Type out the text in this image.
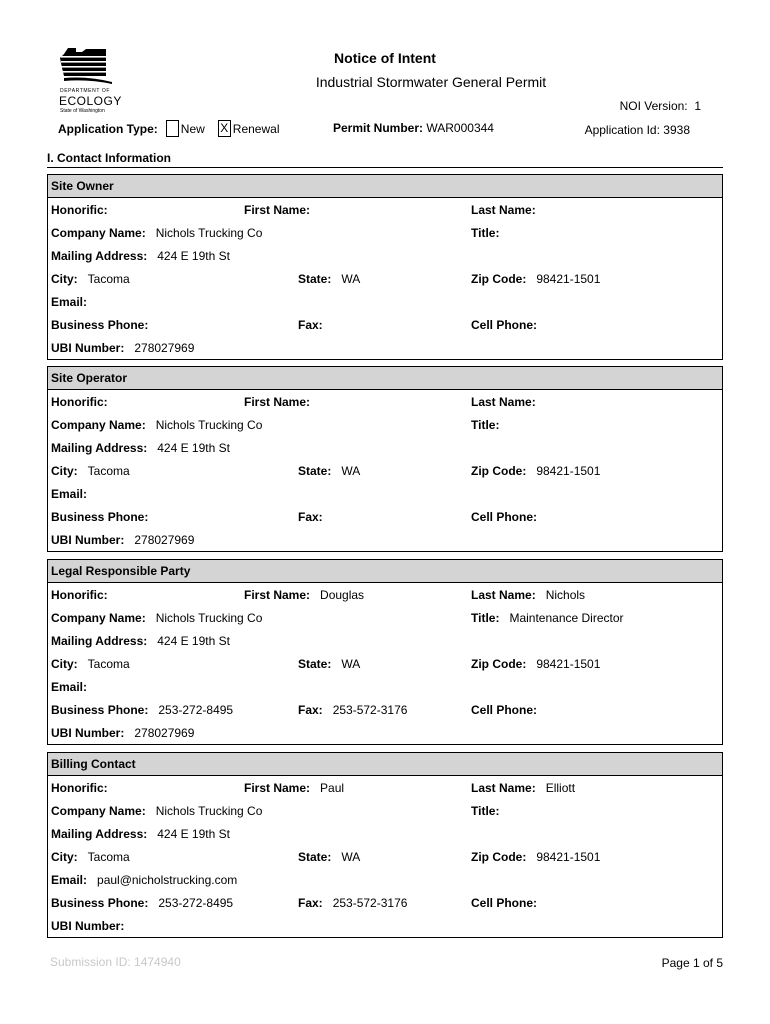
DEPARTMENT OF
ECOLOGY
State of Washington
Notice of Intent
Industrial Stormwater General Permit
NOI Version: 1
Application Type: New X Renewal	Permit Number: WAR000344	Application Id: 3938
I. Contact Information
Site Owner
Honorific:	First Name:	Last Name:
Company Name: Nichols Trucking Co	Title:
Mailing Address: 424 E 19th St
City: Tacoma	State: WA	Zip Code: 98421-1501
Email:
Business Phone:	Fax:	Cell Phone:
UBI Number: 278027969
Site Operator
Honorific:	First Name:	Last Name:
Company Name: Nichols Trucking Co	Title:
Mailing Address: 424 E 19th St
City: Tacoma	State: WA	Zip Code: 98421-1501
Email:
Business Phone:	Fax:	Cell Phone:
UBI Number: 278027969
Legal Responsible Party
Honorific:	First Name: Douglas	Last Name: Nichols
Company Name: Nichols Trucking Co	Title: Maintenance Director
Mailing Address: 424 E 19th St
City: Tacoma	State: WA	Zip Code: 98421-1501
Email:
Business Phone: 253-272-8495	Fax: 253-572-3176	Cell Phone:
UBI Number: 278027969
Billing Contact
Honorific:	First Name: Paul	Last Name: Elliott
Company Name: Nichols Trucking Co	Title:
Mailing Address: 424 E 19th St
City: Tacoma	State: WA	Zip Code: 98421-1501
Email: paul@nicholstrucking.com
Business Phone: 253-272-8495	Fax: 253-572-3176	Cell Phone:
UBI Number:
Submission ID: 1474940	Page 1 of 5
